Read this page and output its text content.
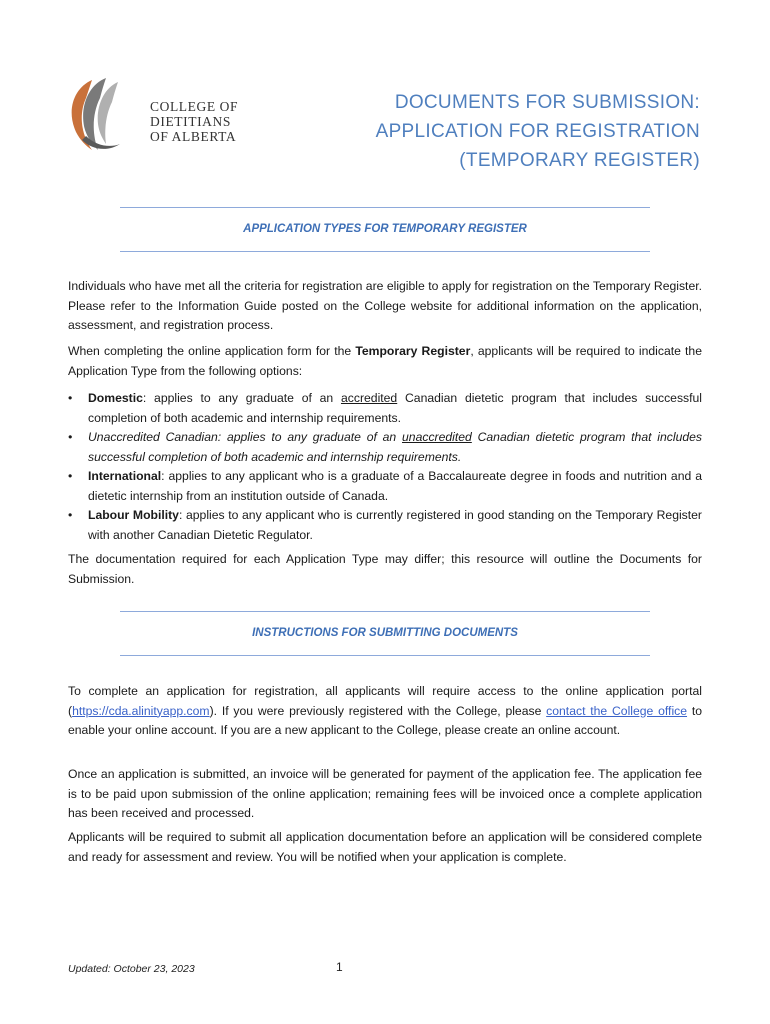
COLLEGE OF DIETITIANS
OF ALBERTA
DOCUMENTS FOR SUBMISSION:
APPLICATION FOR REGISTRATION
(TEMPORARY REGISTER)
APPLICATION TYPES FOR TEMPORARY REGISTER
Individuals who have met all the criteria for registration are eligible to apply for registration on the Temporary Register. Please refer to the Information Guide posted on the College website for additional information on the application, assessment, and registration process.
When completing the online application form for the Temporary Register, applicants will be required to indicate the Application Type from the following options:
• Domestic: applies to any graduate of an accredited Canadian dietetic program that includes successful completion of both academic and internship requirements.
• Unaccredited Canadian: applies to any graduate of an unaccredited Canadian dietetic program that includes successful completion of both academic and internship requirements.
• International: applies to any applicant who is a graduate of a Baccalaureate degree in foods and nutrition and a dietetic internship from an institution outside of Canada.
• Labour Mobility: applies to any applicant who is currently registered in good standing on the Temporary Register with another Canadian Dietetic Regulator.
The documentation required for each Application Type may differ; this resource will outline the Documents for Submission.
INSTRUCTIONS FOR SUBMITTING DOCUMENTS
To complete an application for registration, all applicants will require access to the online application portal (https://cda.alinityapp.com). If you were previously registered with the College, please contact the College office to enable your online account. If you are a new applicant to the College, please create an online account.
Once an application is submitted, an invoice will be generated for payment of the application fee. The application fee is to be paid upon submission of the online application; remaining fees will be invoiced once a complete application has been received and processed.
Applicants will be required to submit all application documentation before an application will be considered complete and ready for assessment and review. You will be notified when your application is complete.
Updated: October 23, 2023	1
